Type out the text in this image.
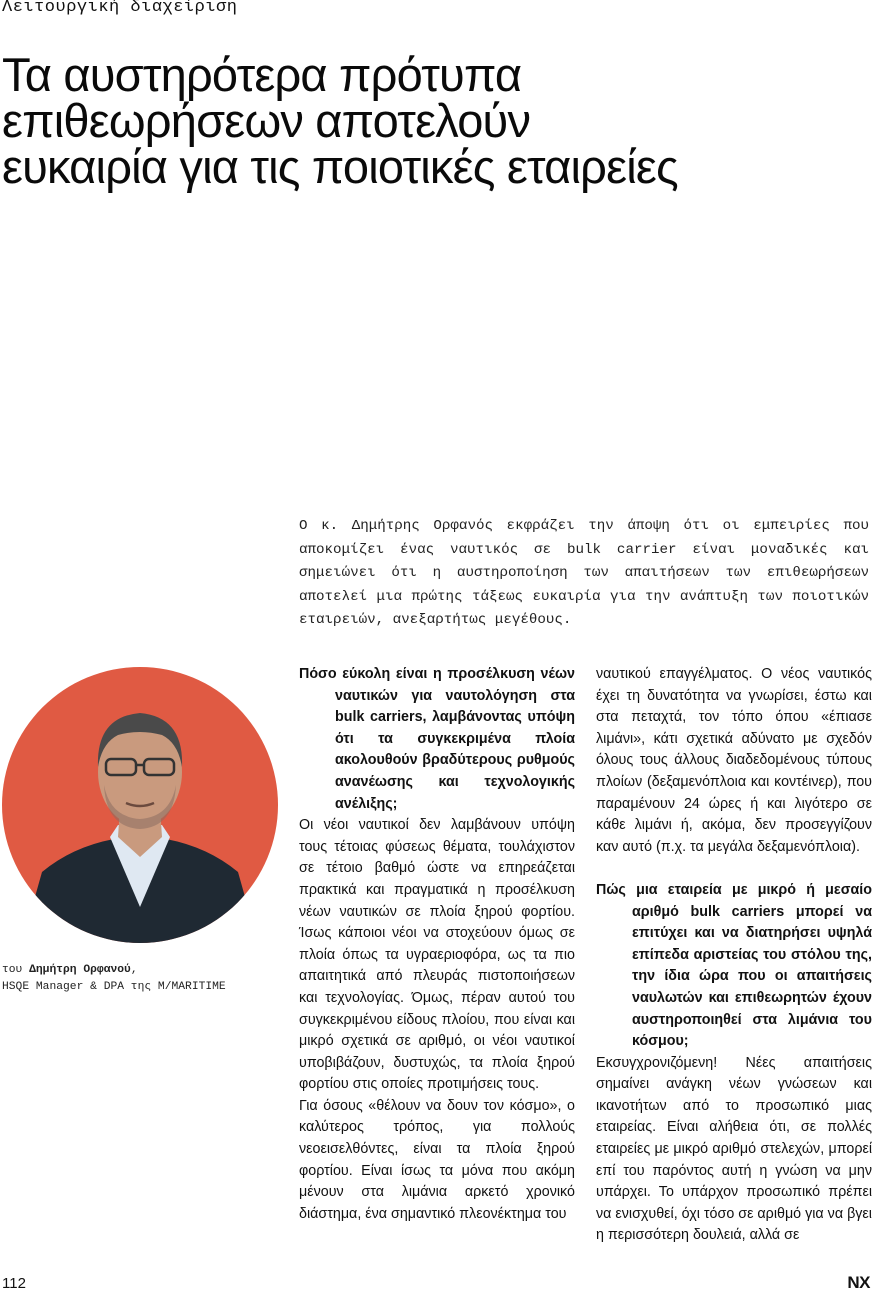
Λειτουργική διαχείριση
Τα αυστηρότερα πρότυπα
επιθεωρήσεων αποτελούν
ευκαιρία για τις ποιοτικές εταιρείες

Ο κ. Δημήτρης Ορφανός εκφράζει την άποψη ότι οι εμπειρίες που αποκομίζει ένας ναυτικός σε bulk carrier είναι μοναδικές και σημειώνει ότι η αυστηροποίηση των απαιτήσεων των επιθεωρήσεων αποτελεί μια πρώτης τάξεως ευκαιρία για την ανάπτυξη των ποιοτικών εταιρειών, ανεξαρτήτως μεγέθους.

του Δημήτρη Ορφανού,
HSQE Manager & DPA της M/MARITIME

Πόσο εύκολη είναι η προσέλκυση νέων ναυτικών για ναυτολόγηση στα bulk carriers, λαμβάνοντας υπόψη ότι τα συγκεκριμένα πλοία ακολουθούν βραδύτερους ρυθμούς ανανέωσης και τεχνολογικής ανέλιξης;

Οι νέοι ναυτικοί δεν λαμβάνουν υπόψη τους τέτοιας φύσεως θέματα, τουλάχιστον σε τέτοιο βαθμό ώστε να επηρεάζεται πρακτικά και πραγματικά η προσέλκυση νέων ναυτικών σε πλοία ξηρού φορτίου. Ίσως κάποιοι νέοι να στοχεύουν όμως σε πλοία όπως τα υγραεριοφόρα, ως τα πιο απαιτητικά από πλευράς πιστοποιήσεων και τεχνολογίας. Όμως, πέραν αυτού του συγκεκριμένου είδους πλοίου, που είναι και μικρό σχετικά σε αριθμό, οι νέοι ναυτικοί υποβιβάζουν, δυστυχώς, τα πλοία ξηρού φορτίου στις οποίες προτιμήσεις τους.

Για όσους «θέλουν να δουν τον κόσμο», ο καλύτερος τρόπος, για πολλούς νεοεισελθόντες, είναι τα πλοία ξηρού φορτίου. Είναι ίσως τα μόνα που ακόμη μένουν στα λιμάνια αρκετό χρονικό διάστημα, ένα σημαντικό πλεονέκτημα του

ναυτικού επαγγέλματος. Ο νέος ναυτικός έχει τη δυνατότητα να γνωρίσει, έστω και στα πεταχτά, τον τόπο όπου «έπιασε λιμάνι», κάτι σχετικά αδύνατο με σχεδόν όλους τους άλλους διαδεδομένους τύπους πλοίων (δεξαμενόπλοια και κοντέινερ), που παραμένουν 24 ώρες ή και λιγότερο σε κάθε λιμάνι ή, ακόμα, δεν προσεγγίζουν καν αυτό (π.χ. τα μεγάλα δεξαμενόπλοια).

Πώς μια εταιρεία με μικρό ή μεσαίο αριθμό bulk carriers μπορεί να επιτύχει και να διατηρήσει υψηλά επίπεδα αριστείας του στόλου της, την ίδια ώρα που οι απαιτήσεις ναυλωτών και επιθεωρητών έχουν αυστηροποιηθεί στα λιμάνια του κόσμου;

Εκσυγχρονιζόμενη! Νέες απαιτήσεις σημαίνει ανάγκη νέων γνώσεων και ικανοτήτων από το προσωπικό μιας εταιρείας. Είναι αλήθεια ότι, σε πολλές εταιρείες με μικρό αριθμό στελεχών, μπορεί επί του παρόντος αυτή η γνώση να μην υπάρχει. Το υπάρχον προσωπικό πρέπει να ενισχυθεί, όχι τόσο σε αριθμό για να βγει η περισσότερη δουλειά, αλλά σε

112	NX
